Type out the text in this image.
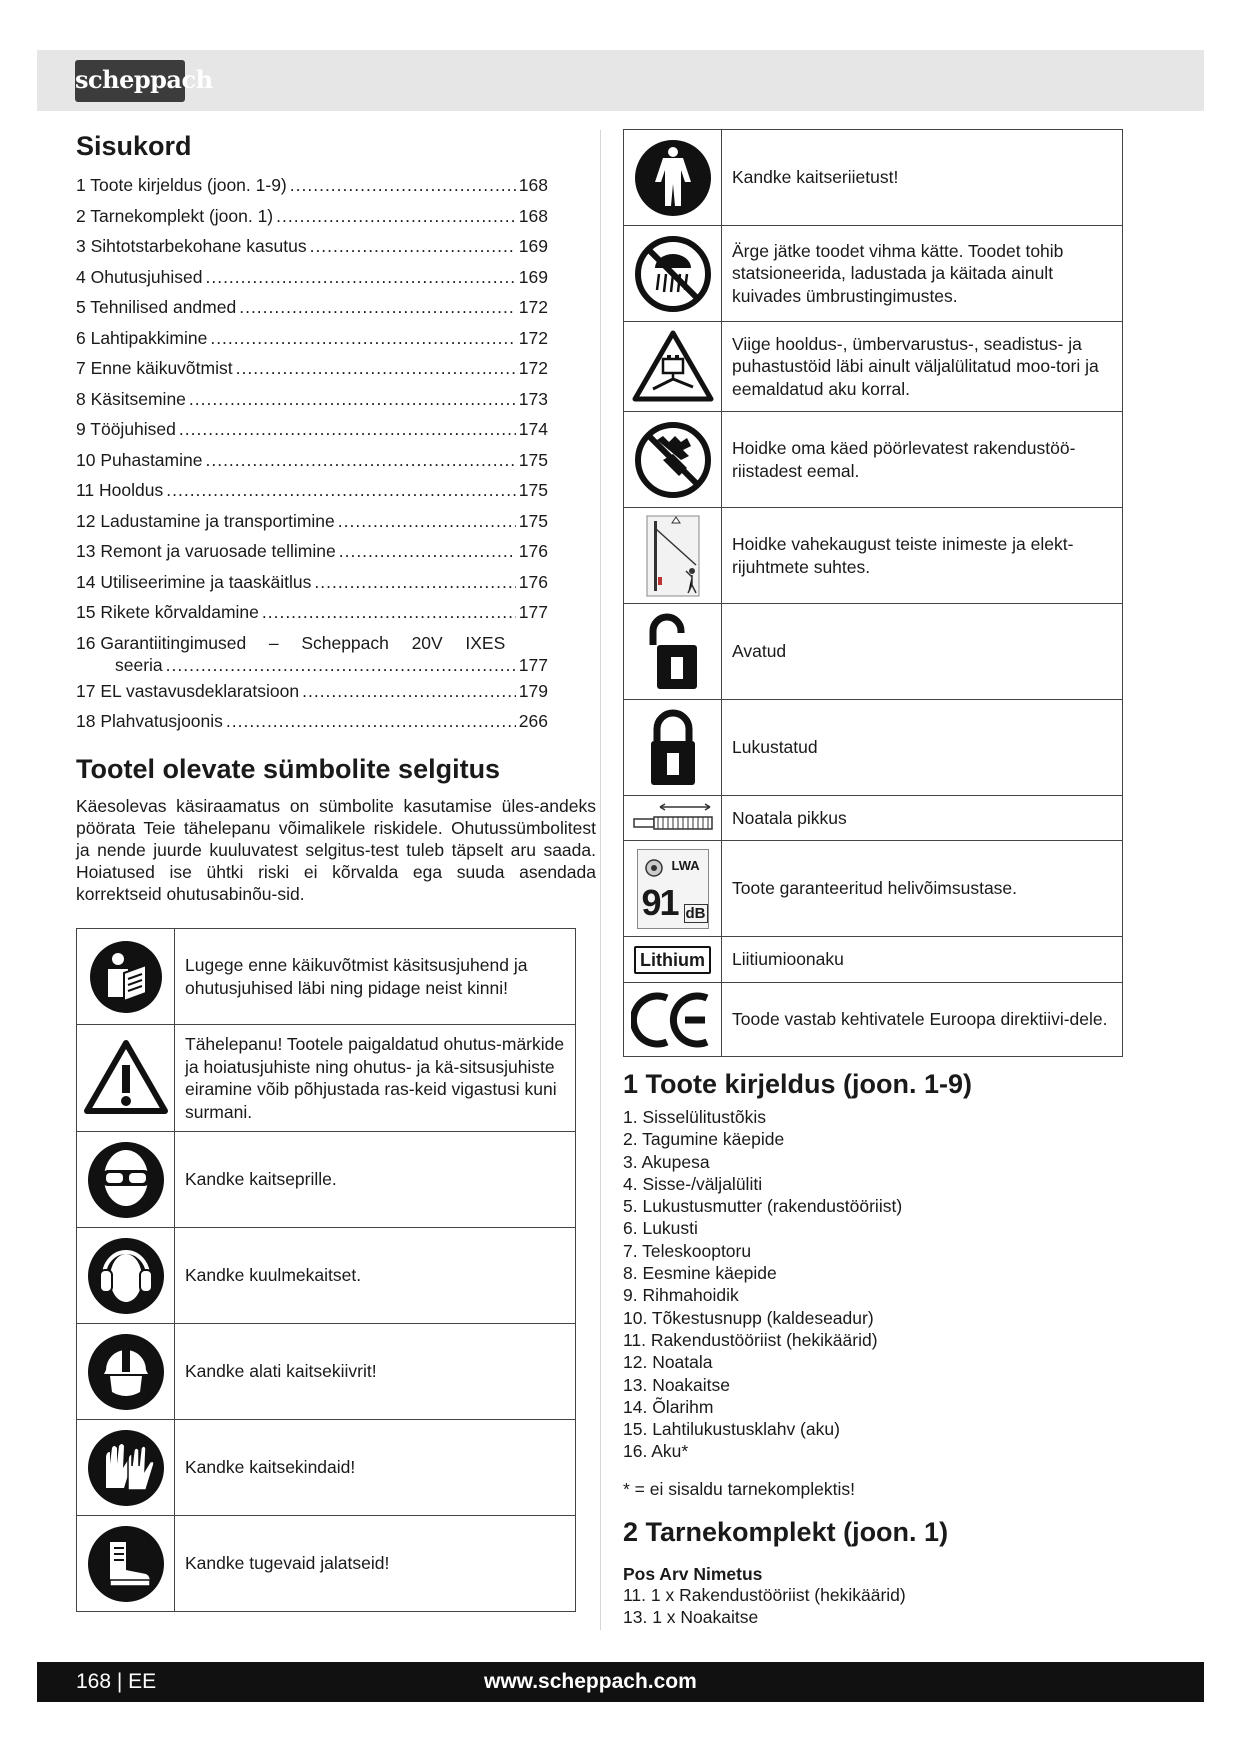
scheppach
Sisukord
1 Toote kirjeldus (joon. 1-9) .....	168
2 Tarnekomplekt (joon. 1) .....	168
3 Sihtotstarbekohane kasutus .....	169
4 Ohutusjuhised .....	169
5 Tehnilised andmed .....	172
6 Lahtipakkimine .....	172
7 Enne käikuvõtmist .....	172
8 Käsitsemine .....	173
9 Tööjuhised .....	174
10 Puhastamine .....	175
11 Hooldus .....	175
12 Ladustamine ja transportimine .....	175
13 Remont ja varuosade tellimine .....	176
14 Utiliseerimine ja taaskäitlus .....	176
15 Rikete kõrvaldamine .....	177
16 Garantiitingimused – Scheppach 20V IXES
seeria .....	177
17 EL vastavusdeklaratsioon .....	179
18 Plahvatusjoonis .....	266
Tootel olevate sümbolite selgitus

Käesolevas käsiraamatus on sümbolite kasutamise üles-andeks pöörata Teie tähelepanu võimalikele riskidele. Ohutussümbolitest ja nende juurde kuuluvatest selgitus-test tuleb täpselt aru saada. Hoiatused ise ühtki riski ei kõrvalda ega suuda asendada korrektseid ohutusabinõu-sid.

	Lugege enne käikuvõtmist käsitsusjuhend ja ohutusjuhised läbi ning pidage neist kinni!

	Tähelepanu! Tootele paigaldatud ohutus-märkide ja hoiatusjuhiste ning ohutus- ja kä-sitsusjuhiste eiramine võib põhjustada ras-keid vigastusi kuni surmani.

	Kandke kaitseprille.

	Kandke kuulmekaitset.

	Kandke alati kaitsekiivrit!

	Kandke kaitsekindaid!

	Kandke tugevaid jalatseid!
	Kandke kaitseriietust!

	Ärge jätke toodet vihma kätte. Toodet tohib statsioneerida, ladustada ja käitada ainult kuivades ümbrustingimustes.

	Viige hooldus-, ümbervarustus-, seadistus- ja puhastustöid läbi ainult väljalülitatud moo-tori ja eemaldatud aku korral.

	Hoidke oma käed pöörlevatest rakendustöö-riistadest eemal.

	Hoidke vahekaugust teiste inimeste ja elekt-rijuhtmete suhtes.

	Avatud

	Lukustatud

	Noatala pikkus

LWA
91 dB	Toote garanteeritud helivõimsustase.
Lithium	Liitiumioonaku

	Toode vastab kehtivatele Euroopa direktiivi-dele.
1 Toote kirjeldus (joon. 1-9)
1. Sisselülitustõkis
2. Tagumine käepide
3. Akupesa
4. Sisse-/väljalüliti
5. Lukustusmutter (rakendustööriist)
6. Lukusti
7. Teleskooptoru
8. Eesmine käepide
9. Rihmahoidik
10. Tõkestusnupp (kaldeseadur)
11. Rakendustööriist (hekikäärid)
12. Noatala
13. Noakaitse
14. Õlarihm
15. Lahtilukustusklahv (aku)
16. Aku*
* = ei sisaldu tarnekomplektis!
2 Tarnekomplekt (joon. 1)
Pos Arv Nimetus
11. 1 x Rakendustööriist (hekikäärid)
13. 1 x Noakaitse
168 | EE	www.scheppach.com
